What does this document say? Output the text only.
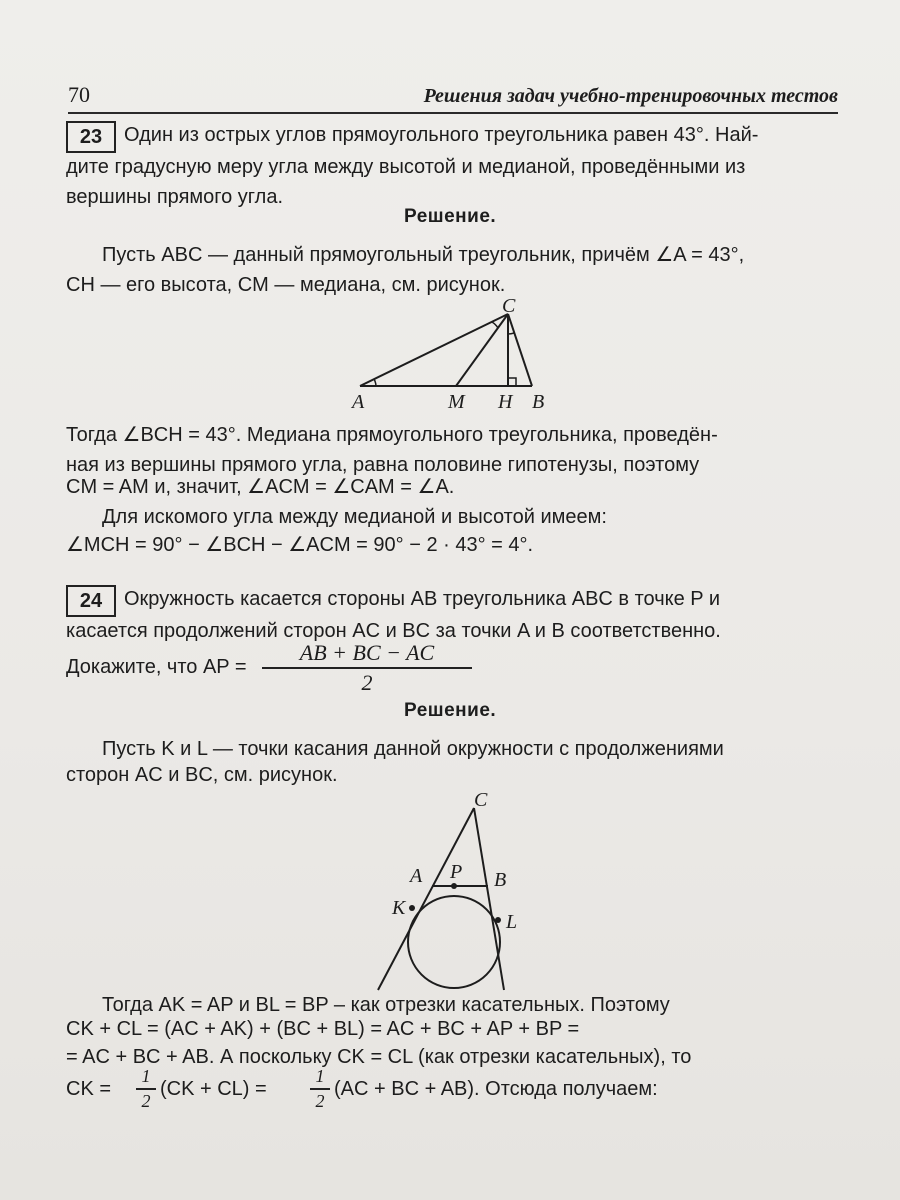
70	Решения задач учебно-тренировочных тестов
23	Один из острых углов прямоугольного треугольника равен 43°. Най-
дите градусную меру угла между высотой и медианой, проведёнными из
вершины прямого угла.
Решение.
Пусть ABC — данный прямоугольный треугольник, причём ∠A = 43°,
CH — его высота, CM — медиана, см. рисунок.
A	M H B
C
Тогда ∠BCH = 43°. Медиана прямоугольного треугольника, проведён-
ная из вершины прямого угла, равна половине гипотенузы, поэтому
CM = AM и, значит, ∠ACM = ∠CAM = ∠A.
Для искомого угла между медианой и высотой имеем:
∠MCH = 90° − ∠BCH − ∠ACM = 90° − 2 · 43° = 4°.
24	Окружность касается стороны AB треугольника ABC в точке P и
касается продолжений сторон AC и BC за точки A и B соответственно.
Докажите, что AP =
AB + BC − AC
2
Решение.
Пусть K и L — точки касания данной окружности с продолжениями
сторон AC и BC, см. рисунок.
C
A P B
K
L
Тогда AK = AP и BL = BP – как отрезки касательных. Поэтому
CK + CL = (AC + AK) + (BC + BL) = AC + BC + AP + BP =
= AC + BC + AB. А поскольку CK = CL (как отрезки касательных), то
CK =
1
2
(CK + CL) =
1
2
(AC + BC + AB). Отсюда получаем:
